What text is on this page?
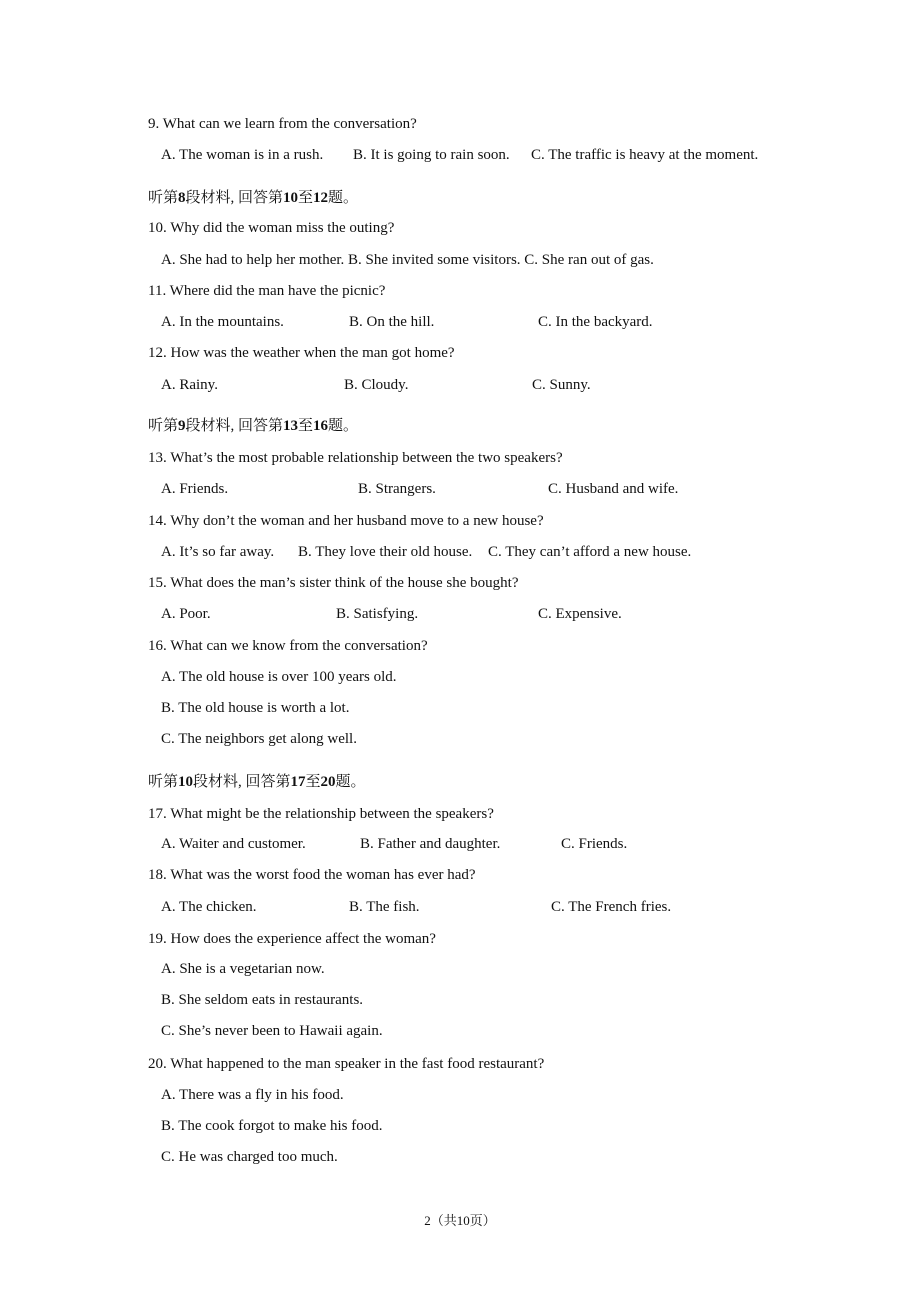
9. What can we learn from the conversation?
A. The woman is in a rush. B. It is going to rain soon. C. The traffic is heavy at the moment.
听第8段材料, 回答第10至12题。
10. Why did the woman miss the outing?
A. She had to help her mother. B. She invited some visitors. C. She ran out of gas.
11. Where did the man have the picnic?
A. In the mountains.	B. On the hill.	C. In the backyard.
12. How was the weather when the man got home?
A. Rainy.	B. Cloudy.	C. Sunny.
听第9段材料, 回答第13至16题。
13. What’s the most probable relationship between the two speakers?
A. Friends.	B. Strangers.	C. Husband and wife.
14. Why don’t the woman and her husband move to a new house?
A. It’s so far away. B. They love their old house. C. They can’t afford a new house.
15. What does the man’s sister think of the house she bought?
A. Poor.	B. Satisfying.	C. Expensive.
16. What can we know from the conversation?
A. The old house is over 100 years old.
B. The old house is worth a lot.
C. The neighbors get along well.
听第10段材料, 回答第17至20题。
17. What might be the relationship between the speakers?
A. Waiter and customer.	B. Father and daughter.	C. Friends.
18. What was the worst food the woman has ever had?
A. The chicken.	B. The fish.	C. The French fries.
19. How does the experience affect the woman?
A. She is a vegetarian now.
B. She seldom eats in restaurants.
C. She’s never been to Hawaii again.
20. What happened to the man speaker in the fast food restaurant?
A. There was a fly in his food.
B. The cook forgot to make his food.
C. He was charged too much.
2（共10页）
